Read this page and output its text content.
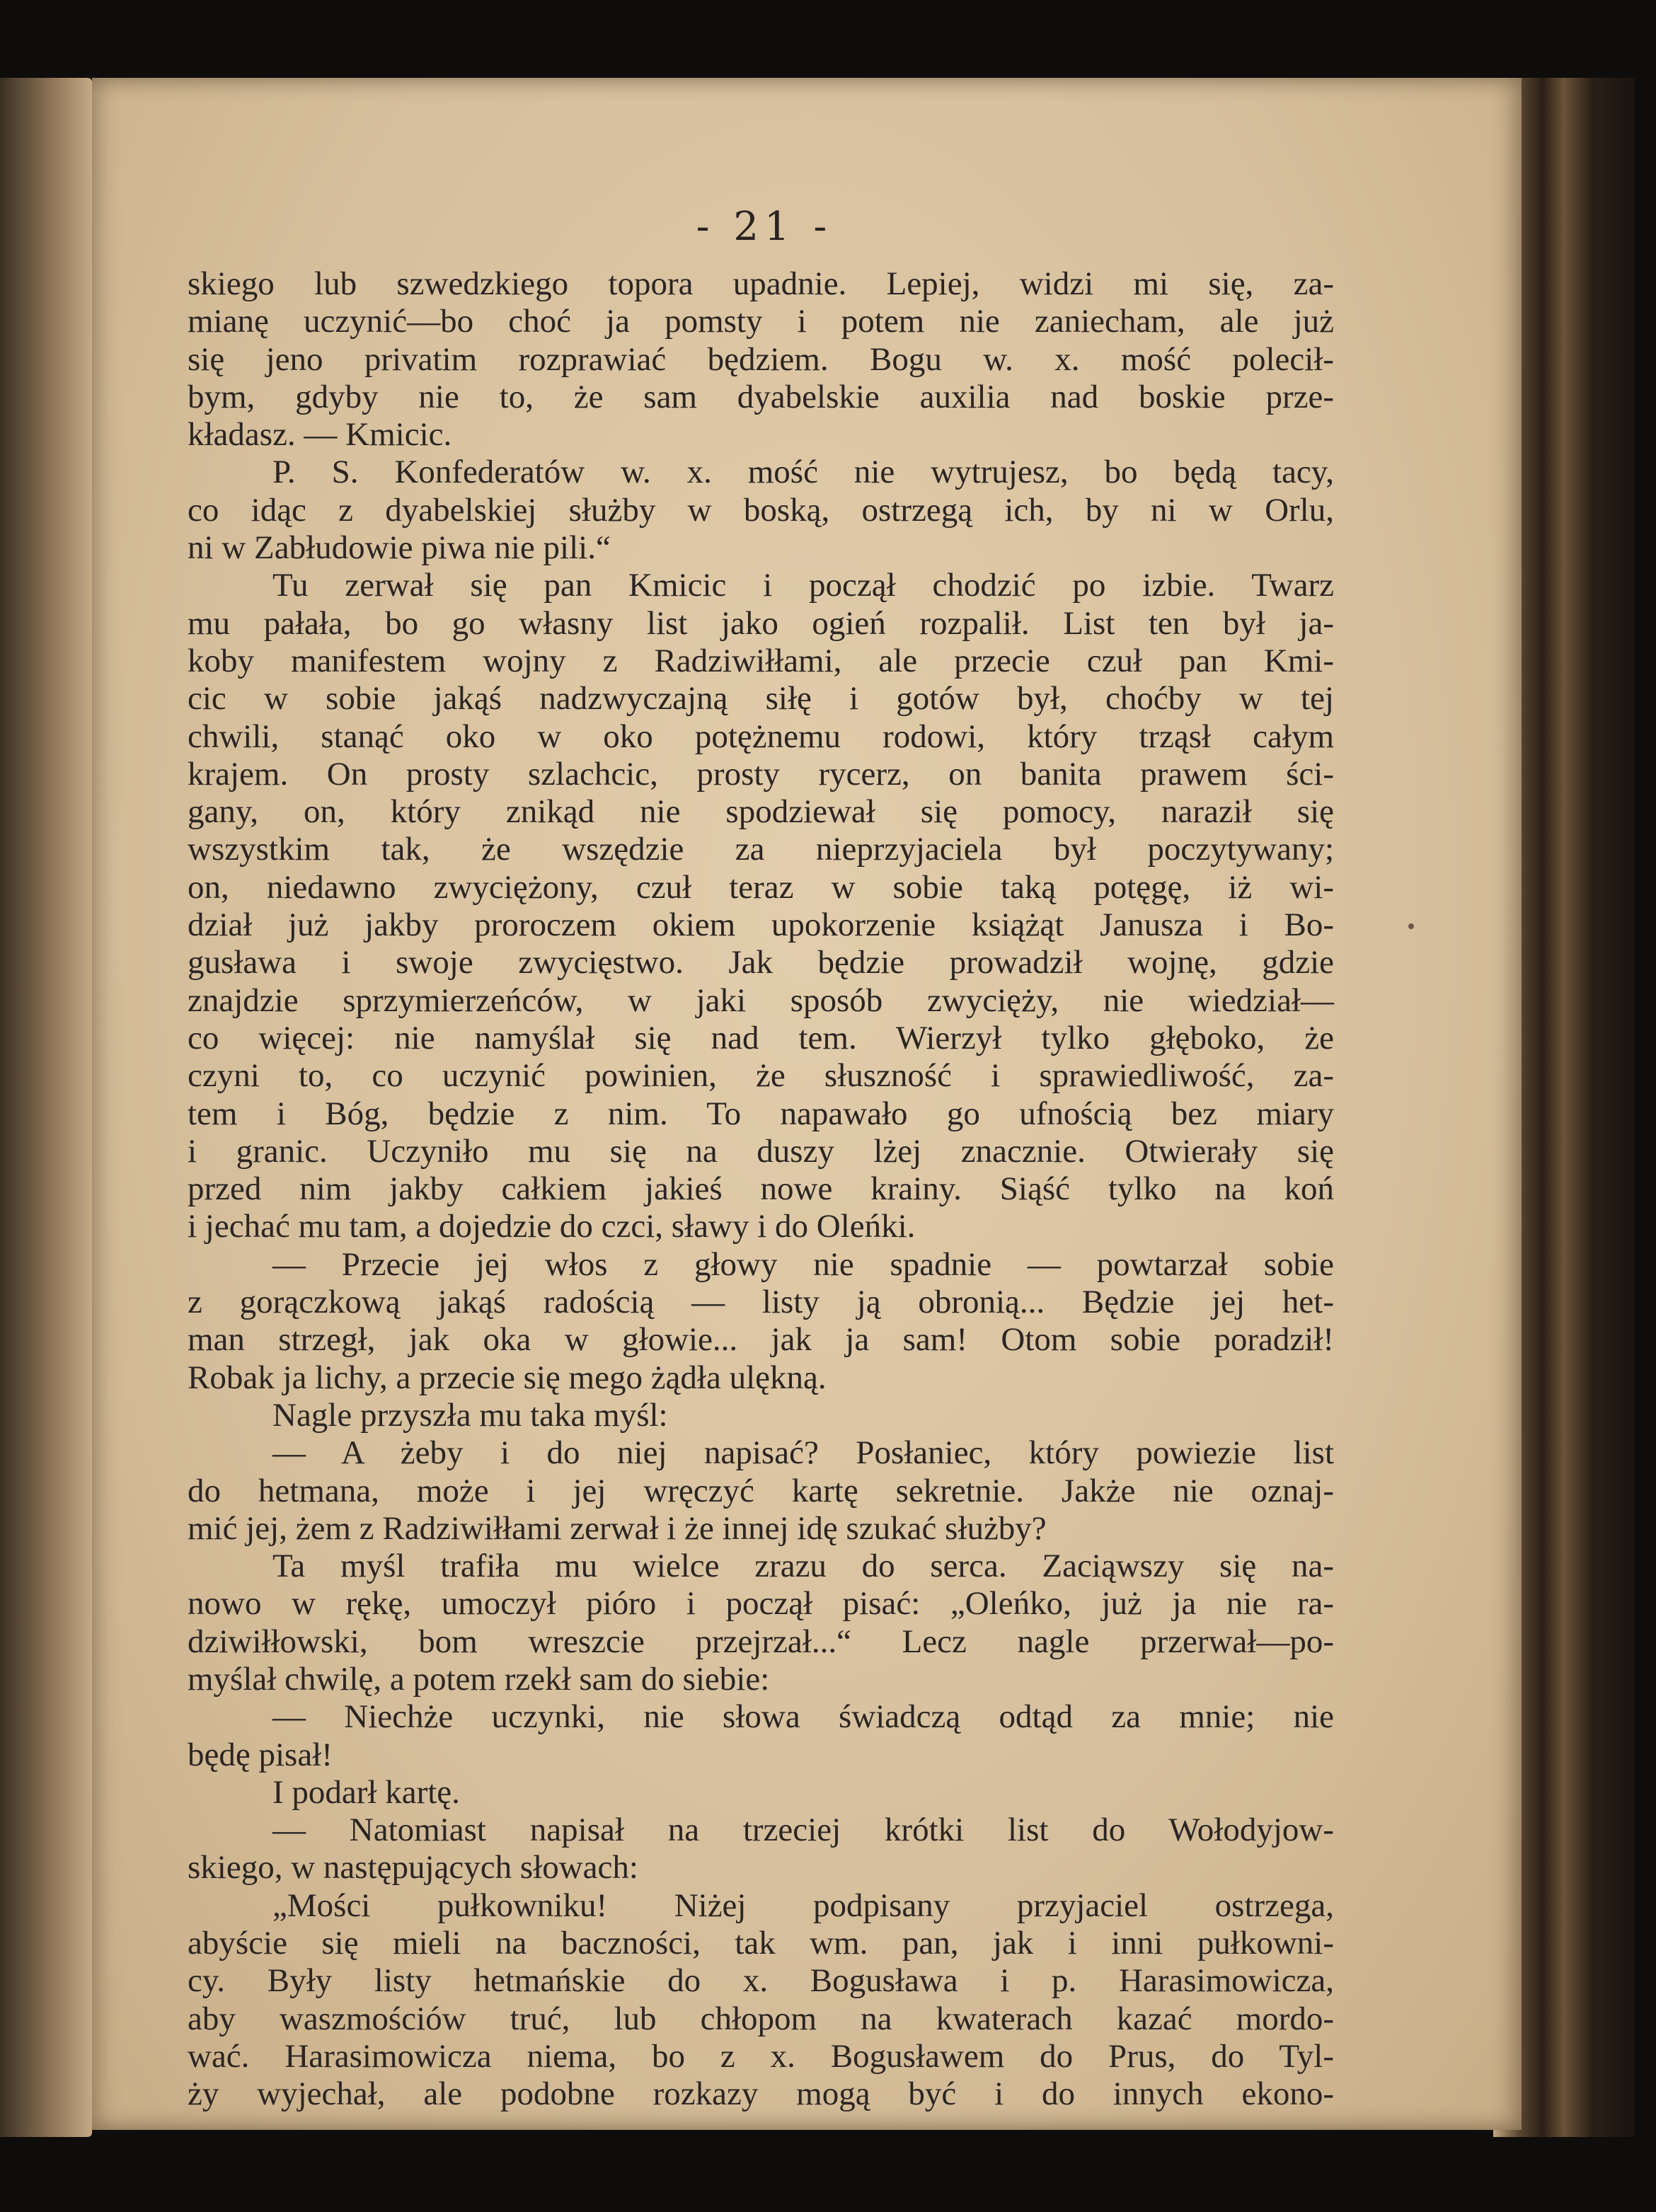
- 21 -
skiego lub szwedzkiego topora upadnie. Lepiej, widzi mi się, za-
mianę uczynić—bo choć ja pomsty i potem nie zaniecham, ale już
się jeno privatim rozprawiać będziem. Bogu w. x. mość polecił-
bym, gdyby nie to, że sam dyabelskie auxilia nad boskie prze-
kładasz. — Kmicic.
P. S. Konfederatów w. x. mość nie wytrujesz, bo będą tacy,
co idąc z dyabelskiej służby w boską, ostrzegą ich, by ni w Orlu,
ni w Zabłudowie piwa nie pili.“
Tu zerwał się pan Kmicic i począł chodzić po izbie. Twarz
mu pałała, bo go własny list jako ogień rozpalił. List ten był ja-
koby manifestem wojny z Radziwiłłami, ale przecie czuł pan Kmi-
cic w sobie jakąś nadzwyczajną siłę i gotów był, choćby w tej
chwili, stanąć oko w oko potężnemu rodowi, który trząsł całym
krajem. On prosty szlachcic, prosty rycerz, on banita prawem ści-
gany, on, który znikąd nie spodziewał się pomocy, naraził się
wszystkim tak, że wszędzie za nieprzyjaciela był poczytywany;
on, niedawno zwyciężony, czuł teraz w sobie taką potęgę, iż wi-
dział już jakby proroczem okiem upokorzenie książąt Janusza i Bo-
gusława i swoje zwycięstwo. Jak będzie prowadził wojnę, gdzie
znajdzie sprzymierzeńców, w jaki sposób zwycięży, nie wiedział—
co więcej: nie namyślał się nad tem. Wierzył tylko głęboko, że
czyni to, co uczynić powinien, że słuszność i sprawiedliwość, za-
tem i Bóg, będzie z nim. To napawało go ufnością bez miary
i granic. Uczyniło mu się na duszy lżej znacznie. Otwierały się
przed nim jakby całkiem jakieś nowe krainy. Siąść tylko na koń
i jechać mu tam, a dojedzie do czci, sławy i do Oleńki.
— Przecie jej włos z głowy nie spadnie — powtarzał sobie
z gorączkową jakąś radością — listy ją obronią... Będzie jej het-
man strzegł, jak oka w głowie... jak ja sam! Otom sobie poradził!
Robak ja lichy, a przecie się mego żądła ulękną.
Nagle przyszła mu taka myśl:
— A żeby i do niej napisać? Posłaniec, który powiezie list
do hetmana, może i jej wręczyć kartę sekretnie. Jakże nie oznaj-
mić jej, żem z Radziwiłłami zerwał i że innej idę szukać służby?
Ta myśl trafiła mu wielce zrazu do serca. Zaciąwszy się na-
nowo w rękę, umoczył pióro i począł pisać: „Oleńko, już ja nie ra-
dziwiłłowski, bom wreszcie przejrzał...“ Lecz nagle przerwał—po-
myślał chwilę, a potem rzekł sam do siebie:
— Niechże uczynki, nie słowa świadczą odtąd za mnie; nie
będę pisał!
I podarł kartę.
— Natomiast napisał na trzeciej krótki list do Wołodyjow-
skiego, w następujących słowach:
„Mości pułkowniku! Niżej podpisany przyjaciel ostrzega,
abyście się mieli na baczności, tak wm. pan, jak i inni pułkowni-
cy. Były listy hetmańskie do x. Bogusława i p. Harasimowicza,
aby waszmościów truć, lub chłopom na kwaterach kazać mordo-
wać. Harasimowicza niema, bo z x. Bogusławem do Prus, do Tyl-
ży wyjechał, ale podobne rozkazy mogą być i do innych ekono-
